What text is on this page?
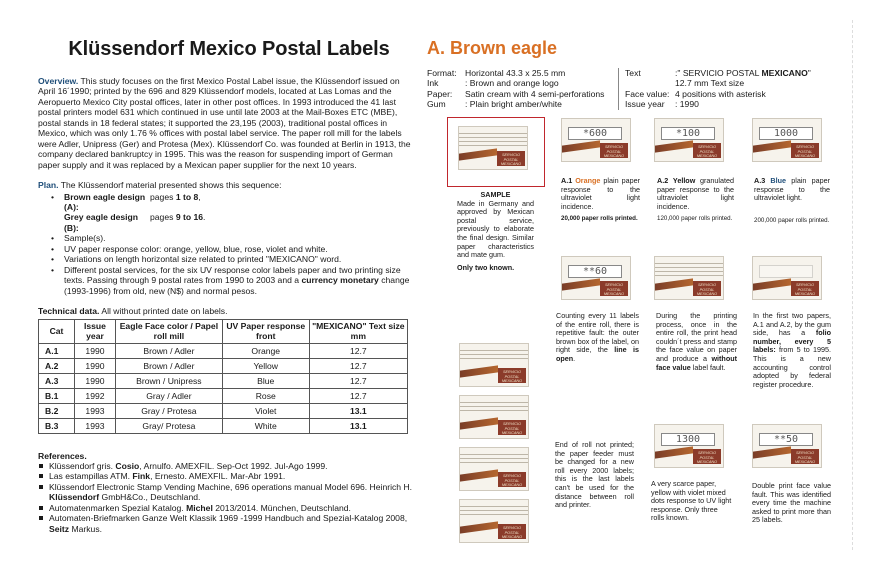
Klüssendorf Mexico Postal Labels

Overview. This study focuses on the first Mexico Postal Label issue, the Klüssendorf issued on April 16´1990; printed by the 696 and 829 Klüssendorf models, located at Las Lomas and the Aeropuerto Mexico City postal offices, later in other post offices. In 1993 introduced the 41 last postal printers model 631 which continued in use until late 2003 at the Mail-Boxes ETC (MBE), postal stands in 18 federal states; it supported the 23,195 (2003), traditional postal offices in Mexico, which was only 1.76 % offices with postal label service. The paper roll mill for the labels were Adler, Unipress (Ger) and Protesa (Mex). Klüssendorf Co. was founded at Berlin in 1913, the company declared bankruptcy in 1995. This was the reason for suspending import of German paper supply and it was replaced by a Mexican paper supplier for the next 10 years.

Plan. The Klüssendorf material presented shows this sequence:

• Brown eagle design (A):
pages 1 to 8,
Grey eagle design (B):
pages 9 to 16.
• Sample(s).
• UV paper response color: orange, yellow, blue, rose, violet and white.
• Variations on length horizontal size related to printed "MEXICANO" word.
• Different postal services, for the six UV response color labels paper and two printing size texts. Passing through 9 postal rates from 1990 to 2003 and a currency monetary change (1993-1996) from old, new (N$) and normal pesos.

Technical data. All without printed date on labels.

Cat	Issue year	Eagle Face color / Papel roll mill	UV Paper response front	"MEXICANO" Text size mm
A.1	1990	Brown / Adler	Orange	12.7
A.2	1990	Brown / Adler	Yellow	12.7
A.3	1990	Brown / Unipress	Blue	12.7
B.1	1992	Gray / Adler	Rose	12.7
B.2	1993	Gray / Protesa	Violet	13.1
B.3	1993	Gray/ Protesa	White	13.1

References.

Klüssendorf gris. Cosio, Arnulfo. AMEXFIL. Sep-Oct 1992. Jul-Ago 1999.
Las estampillas ATM. Fink, Ernesto. AMEXFIL. Mar-Abr 1991.
Klüssendorf Electronic Stamp Vending Machine, 696 operations manual Model 696. Heinrich H. Klüssendorf GmbH&Co., Deutschland.
Automatenmarken Spezial Katalog. Michel 2013/2014. München, Deutschland.
Automaten-Briefmarken Ganze Welt Klassik 1969 -1999 Handbuch and Spezial-Katalog 2008, Seitz Markus.
A. Brown eagle
Format: Horizontal 43.3 x 25.5 mm
Ink	: Brown and orange logo
Paper:	Satin cream with 4 semi-perforations
Gum	: Plain bright amber/white
Text	:" SERVICIO POSTAL MEXICANO"
12.7 mm Text size
Face value: 4 positions with asterisk
Issue year	: 1990
SERVICIO POSTAL MEXICANO
*600
SERVICIO POSTAL MEXICANO
*100
SERVICIO POSTAL MEXICANO
1000
SERVICIO POSTAL MEXICANO
**60
SERVICIO POSTAL MEXICANO
SERVICIO POSTAL MEXICANO
SERVICIO POSTAL MEXICANO
SERVICIO POSTAL MEXICANO
SERVICIO POSTAL MEXICANO
SERVICIO POSTAL MEXICANO
SERVICIO POSTAL MEXICANO
1300
SERVICIO POSTAL MEXICANO
**50
SERVICIO POSTAL MEXICANO
SAMPLE
Made in Germany and approved by Mexican postal service, previously to elaborate the final design. Similar paper characteristics and mate gum.
Only two known.
A.1 Orange plain paper response to the ultraviolet light incidence.
20,000 paper rolls printed.
A.2 Yellow granulated paper response to the ultraviolet light incidence.
120,000 paper rolls printed.
A.3 Blue plain paper response to the ultraviolet light.
200,000 paper rolls printed.
Counting every 11 labels of the entire roll, there is repetitive fault: the outer brown box of the label, on right side, the line is open.
During the printing process, once in the entire roll, the print head couldn´t press and stamp the face value on paper and produce a without face value label fault.
In the first two papers, A.1 and A.2, by the gum side, has a folio number, every 5 labels: from 5 to 1995. This is a new accounting control adopted by federal register procedure.
End of roll not printed; the paper feeder must be changed for a new roll every 2000 labels; this is the last labels can't be used for the distance between roll and printer.
A very scarce paper, yellow with violet mixed dots response to UV light response. Only three rolls known.
Double print face value fault. This was identified every time the machine asked to print more than 25 labels.
